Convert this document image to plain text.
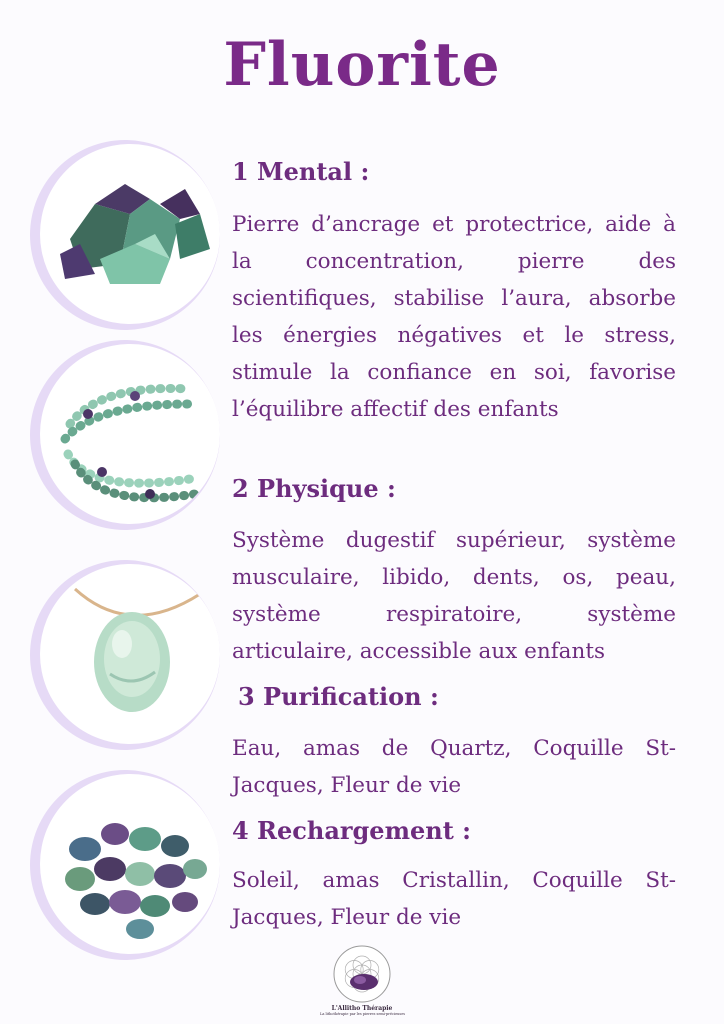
Fluorite
1 Mental :

Pierre d’ancrage et protectrice, aide à la concentration, pierre des scientifiques, stabilise l’aura, absorbe les énergies négatives et le stress, stimule la confiance en soi, favorise l’équilibre affectif des enfants

2 Physique :

Système dugestif supérieur, système musculaire, libido, dents, os, peau, système respiratoire, système articulaire, accessible aux enfants

3 Purification :

Eau, amas de Quartz, Coquille St-Jacques, Fleur de vie

4 Rechargement :

Soleil, amas Cristallin, Coquille St-Jacques, Fleur de vie

L'Allitho Thérapie
La lithothérapie par les pierres semi-précieuses
